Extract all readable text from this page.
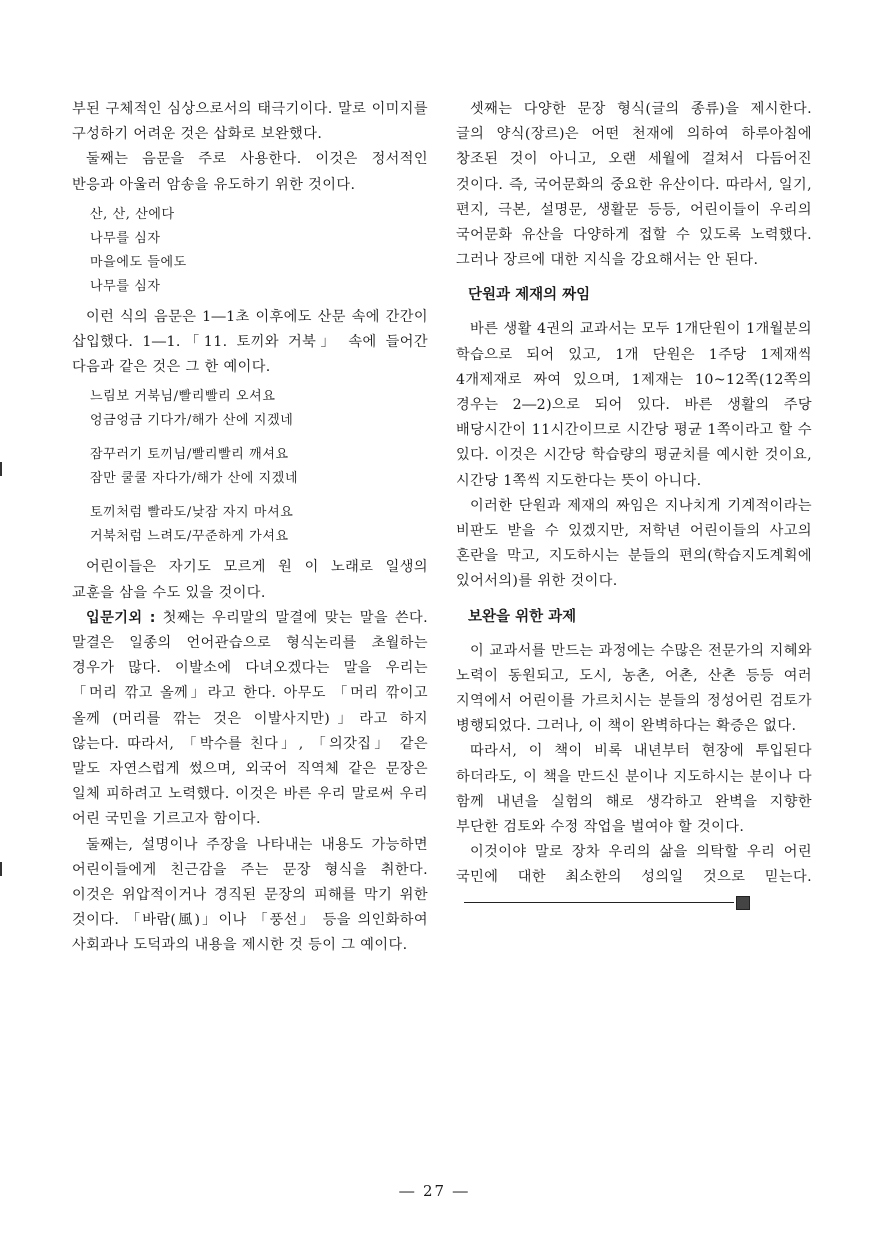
부된 구체적인 심상으로서의 태극기이다. 말로 이미지를 구성하기 어려운 것은 삽화로 보완했다.

둘째는 음문을 주로 사용한다. 이것은 정서적인 반응과 아울러 암송을 유도하기 위한 것이다.

산, 산, 산에다
나무를 심자
마을에도 들에도
나무를 심자

이런 식의 음문은 1―1초 이후에도 산문 속에 간간이 삽입했다. 1―1.「11. 토끼와 거북」 속에 들어간 다음과 같은 것은 그 한 예이다.

느림보 거북님/빨리빨리 오셔요
엉금엉금 기다가/해가 산에 지겠네
잠꾸러기 토끼님/빨리빨리 깨셔요
잠만 쿨쿨 자다가/해가 산에 지겠네
토끼처럼 빨라도/낮잠 자지 마셔요
거북처럼 느려도/꾸준하게 가셔요

어린이들은 자기도 모르게 원 이 노래로 일생의 교훈을 삼을 수도 있을 것이다.

입문기외 : 첫째는 우리말의 말결에 맞는 말을 쓴다. 말결은 일종의 언어관습으로 형식논리를 초월하는 경우가 많다. 이발소에 다녀오겠다는 말을 우리는 「머리 깎고 올께」라고 한다. 아무도 「머리 깎이고 올께 (머리를 깎는 것은 이발사지만)」라고 하지 않는다. 따라서, 「박수를 친다」, 「의갓집」 같은 말도 자연스럽게 썼으며, 외국어 직역체 같은 문장은 일체 피하려고 노력했다. 이것은 바른 우리 말로써 우리 어린 국민을 기르고자 함이다.

둘째는, 설명이나 주장을 나타내는 내용도 가능하면 어린이들에게 친근감을 주는 문장 형식을 취한다. 이것은 위압적이거나 경직된 문장의 피해를 막기 위한 것이다. 「바람(風)」이나 「풍선」 등을 의인화하여 사회과나 도덕과의 내용을 제시한 것 등이 그 예이다.

셋째는 다양한 문장 형식(글의 종류)을 제시한다. 글의 양식(장르)은 어떤 천재에 의하여 하루아침에 창조된 것이 아니고, 오랜 세월에 걸쳐서 다듬어진 것이다. 즉, 국어문화의 중요한 유산이다. 따라서, 일기, 편지, 극본, 설명문, 생활문 등등, 어린이들이 우리의 국어문화 유산을 다양하게 접할 수 있도록 노력했다. 그러나 장르에 대한 지식을 강요해서는 안 된다.

단원과 제재의 짜임

바른 생활 4권의 교과서는 모두 1개단원이 1개월분의 학습으로 되어 있고, 1개 단원은 1주당 1제재씩 4개제재로 짜여 있으며, 1제재는 10~12쪽(12쪽의 경우는 2―2)으로 되어 있다. 바른 생활의 주당 배당시간이 11시간이므로 시간당 평균 1쪽이라고 할 수 있다. 이것은 시간당 학습량의 평균치를 예시한 것이요, 시간당 1쪽씩 지도한다는 뜻이 아니다.

이러한 단원과 제재의 짜임은 지나치게 기계적이라는 비판도 받을 수 있겠지만, 저학년 어린이들의 사고의 혼란을 막고, 지도하시는 분들의 편의(학습지도계획에 있어서의)를 위한 것이다.

보완을 위한 과제

이 교과서를 만드는 과정에는 수많은 전문가의 지혜와 노력이 동원되고, 도시, 농촌, 어촌, 산촌 등등 여러 지역에서 어린이를 가르치시는 분들의 정성어린 검토가 병행되었다. 그러나, 이 책이 완벽하다는 확증은 없다.

따라서, 이 책이 비록 내년부터 현장에 투입된다 하더라도, 이 책을 만드신 분이나 지도하시는 분이나 다 함께 내년을 실험의 해로 생각하고 완벽을 지향한 부단한 검토와 수정 작업을 벌여야 할 것이다.

이것이야 말로 장차 우리의 삶을 의탁할 우리 어린 국민에 대한 최소한의 성의일 것으로 믿는다.

― 27 ―
